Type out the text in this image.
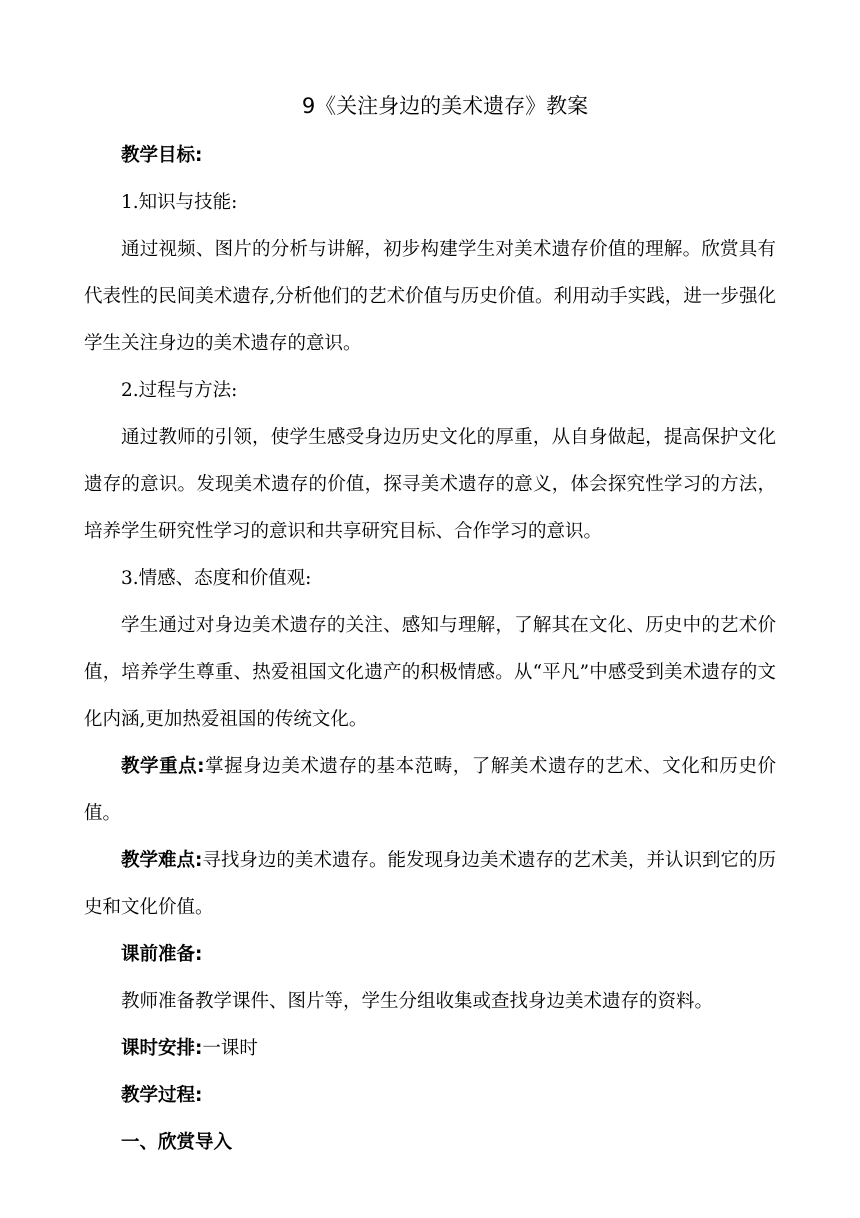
9《关注身边的美术遗存》教案

教学目标:

1.知识与技能:

通过视频、图片的分析与讲解，初步构建学生对美术遗存价值的理解。欣赏具有代表性的民间美术遗存,分析他们的艺术价值与历史价值。利用动手实践，进一步强化学生关注身边的美术遗存的意识。

2.过程与方法:

通过教师的引领，使学生感受身边历史文化的厚重，从自身做起，提高保护文化遗存的意识。发现美术遗存的价值，探寻美术遗存的意义，体会探究性学习的方法，培养学生研究性学习的意识和共享研究目标、合作学习的意识。

3.情感、态度和价值观:

学生通过对身边美术遗存的关注、感知与理解，了解其在文化、历史中的艺术价值，培养学生尊重、热爱祖国文化遗产的积极情感。从“平凡”中感受到美术遗存的文化内涵,更加热爱祖国的传统文化。

教学重点:掌握身边美术遗存的基本范畴，了解美术遗存的艺术、文化和历史价值。

教学难点:寻找身边的美术遗存。能发现身边美术遗存的艺术美，并认识到它的历史和文化价值。

课前准备:

教师准备教学课件、图片等，学生分组收集或查找身边美术遗存的资料。

课时安排:一课时

教学过程:

一、欣赏导入
